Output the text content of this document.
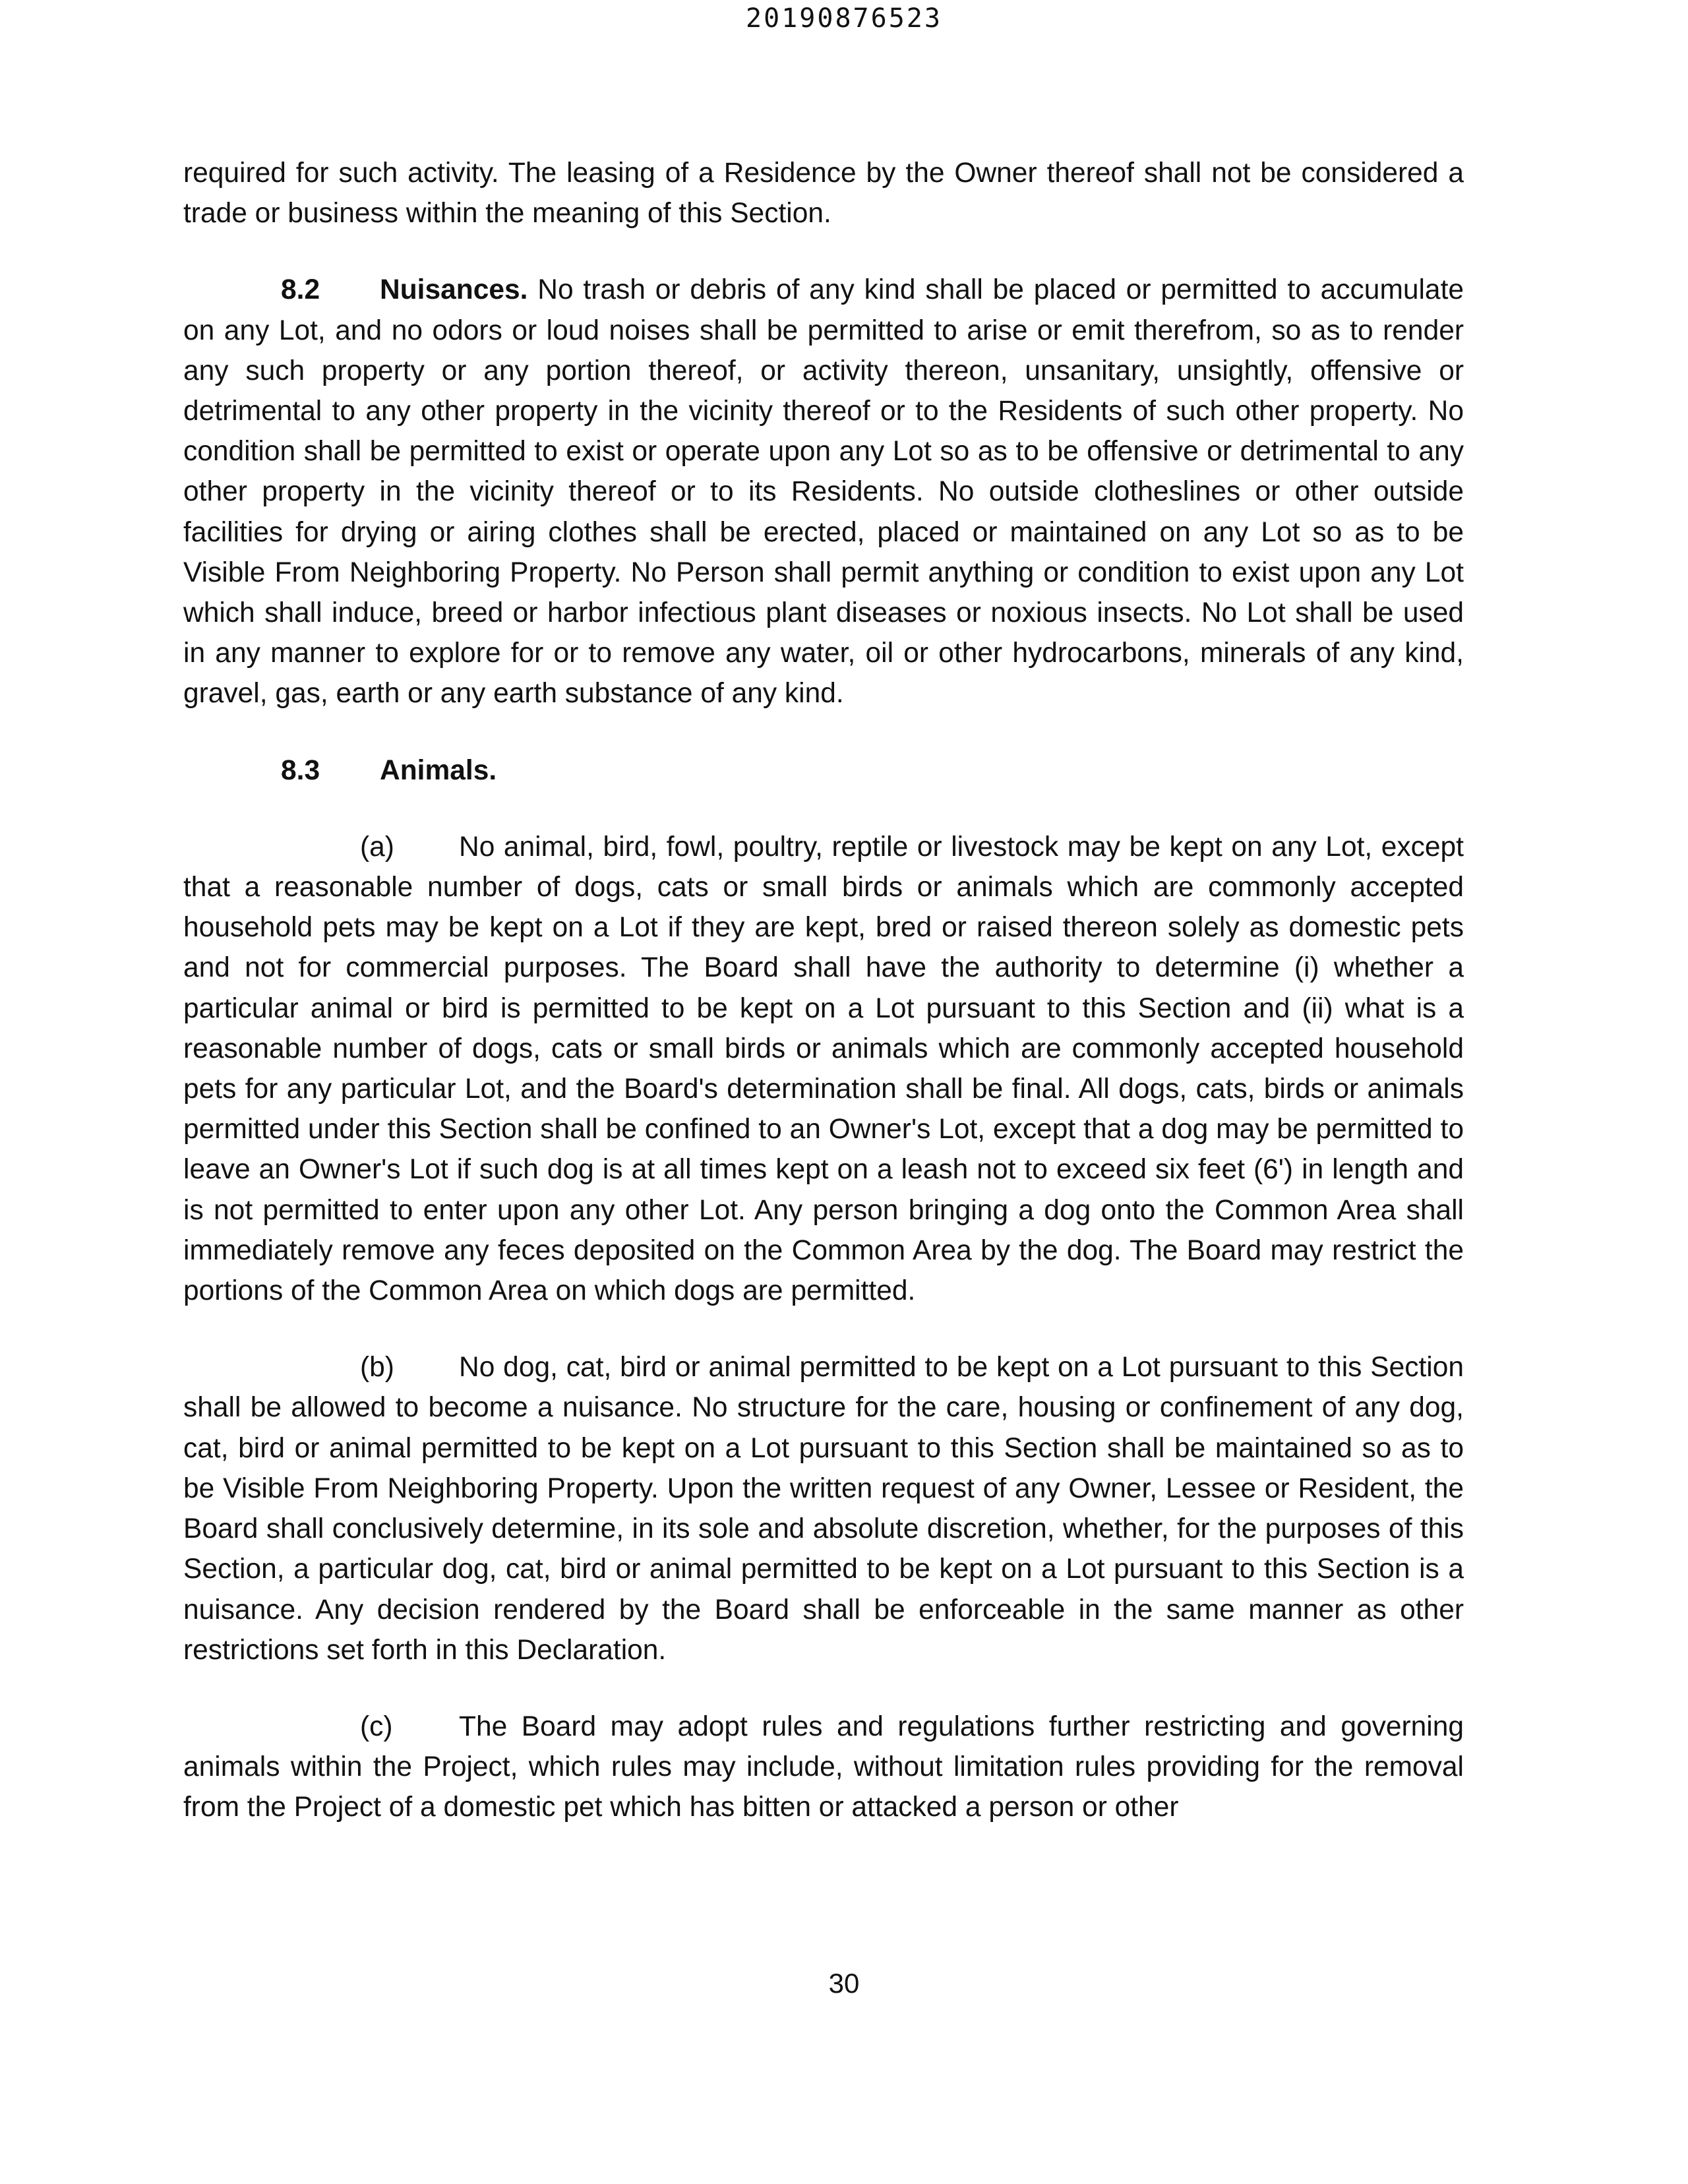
20190876523

required for such activity. The leasing of a Residence by the Owner thereof shall not be considered a trade or business within the meaning of this Section.

8.2 Nuisances. No trash or debris of any kind shall be placed or permitted to accumulate on any Lot, and no odors or loud noises shall be permitted to arise or emit therefrom, so as to render any such property or any portion thereof, or activity thereon, unsanitary, unsightly, offensive or detrimental to any other property in the vicinity thereof or to the Residents of such other property. No condition shall be permitted to exist or operate upon any Lot so as to be offensive or detrimental to any other property in the vicinity thereof or to its Residents. No outside clotheslines or other outside facilities for drying or airing clothes shall be erected, placed or maintained on any Lot so as to be Visible From Neighboring Property. No Person shall permit anything or condition to exist upon any Lot which shall induce, breed or harbor infectious plant diseases or noxious insects. No Lot shall be used in any manner to explore for or to remove any water, oil or other hydrocarbons, minerals of any kind, gravel, gas, earth or any earth substance of any kind.

8.3 Animals.

(a) No animal, bird, fowl, poultry, reptile or livestock may be kept on any Lot, except that a reasonable number of dogs, cats or small birds or animals which are commonly accepted household pets may be kept on a Lot if they are kept, bred or raised thereon solely as domestic pets and not for commercial purposes. The Board shall have the authority to determine (i) whether a particular animal or bird is permitted to be kept on a Lot pursuant to this Section and (ii) what is a reasonable number of dogs, cats or small birds or animals which are commonly accepted household pets for any particular Lot, and the Board's determination shall be final. All dogs, cats, birds or animals permitted under this Section shall be confined to an Owner's Lot, except that a dog may be permitted to leave an Owner's Lot if such dog is at all times kept on a leash not to exceed six feet (6') in length and is not permitted to enter upon any other Lot. Any person bringing a dog onto the Common Area shall immediately remove any feces deposited on the Common Area by the dog. The Board may restrict the portions of the Common Area on which dogs are permitted.

(b) No dog, cat, bird or animal permitted to be kept on a Lot pursuant to this Section shall be allowed to become a nuisance. No structure for the care, housing or confinement of any dog, cat, bird or animal permitted to be kept on a Lot pursuant to this Section shall be maintained so as to be Visible From Neighboring Property. Upon the written request of any Owner, Lessee or Resident, the Board shall conclusively determine, in its sole and absolute discretion, whether, for the purposes of this Section, a particular dog, cat, bird or animal permitted to be kept on a Lot pursuant to this Section is a nuisance. Any decision rendered by the Board shall be enforceable in the same manner as other restrictions set forth in this Declaration.

(c) The Board may adopt rules and regulations further restricting and governing animals within the Project, which rules may include, without limitation rules providing for the removal from the Project of a domestic pet which has bitten or attacked a person or other

30
